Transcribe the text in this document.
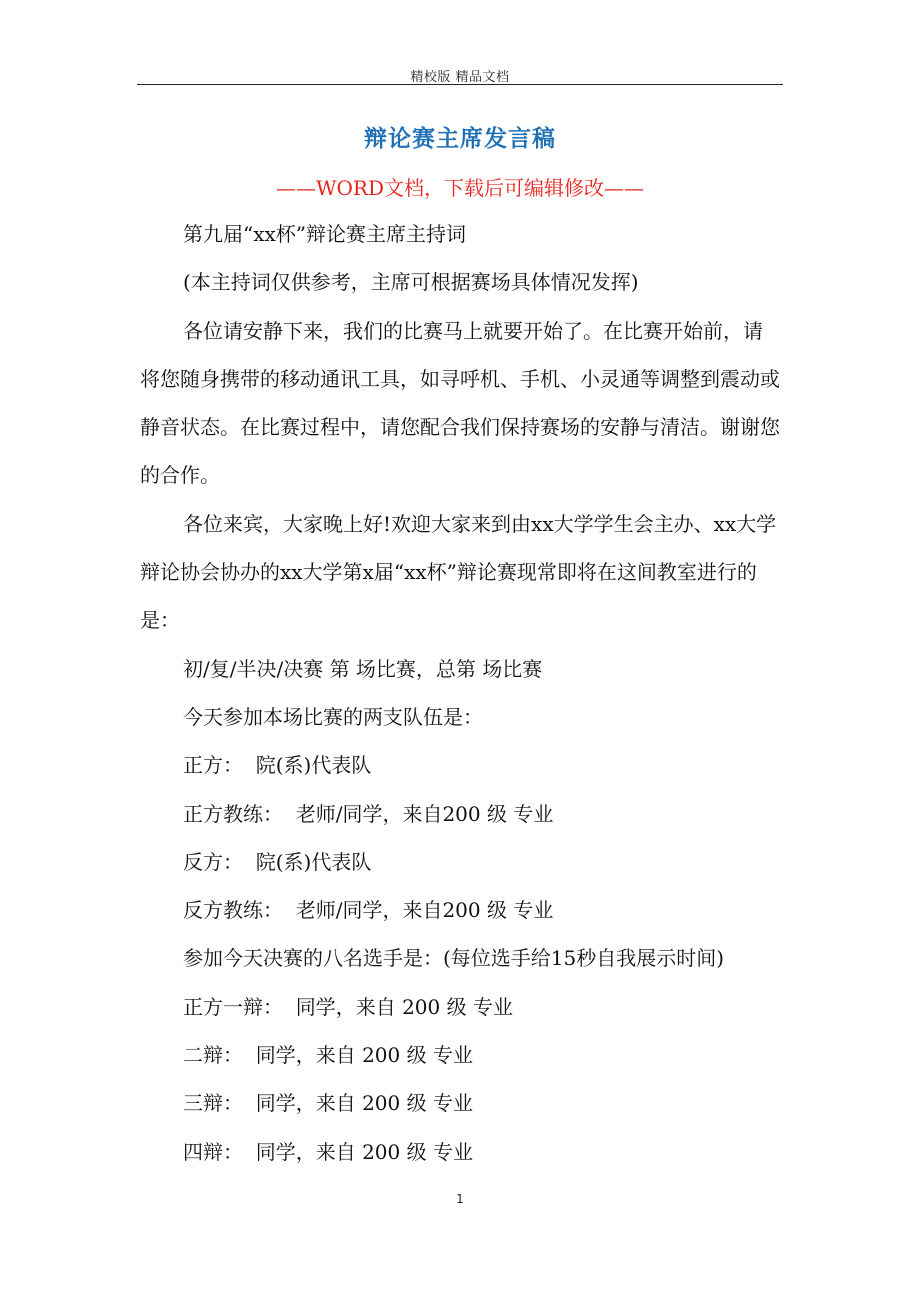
精校版 精品文档
辩论赛主席发言稿
——WORD文档，下载后可编辑修改——

第九届“xx杯”辩论赛主席主持词

(本主持词仅供参考，主席可根据赛场具体情况发挥)

各位请安静下来，我们的比赛马上就要开始了。在比赛开始前，请将您随身携带的移动通讯工具，如寻呼机、手机、小灵通等调整到震动或静音状态。在比赛过程中，请您配合我们保持赛场的安静与清洁。谢谢您的合作。

各位来宾，大家晚上好!欢迎大家来到由xx大学学生会主办、xx大学辩论协会协办的xx大学第x届“xx杯”辩论赛现常即将在这间教室进行的是：

初/复/半决/决赛 第 场比赛，总第 场比赛

今天参加本场比赛的两支队伍是：

正方：  院(系)代表队

正方教练：  老师/同学，来自200 级 专业

反方：  院(系)代表队

反方教练：  老师/同学，来自200 级 专业

参加今天决赛的八名选手是：(每位选手给15秒自我展示时间)

正方一辩：  同学，来自 200 级 专业

二辩：  同学，来自 200 级 专业

三辩：  同学，来自 200 级 专业

四辩：  同学，来自 200 级 专业

1
